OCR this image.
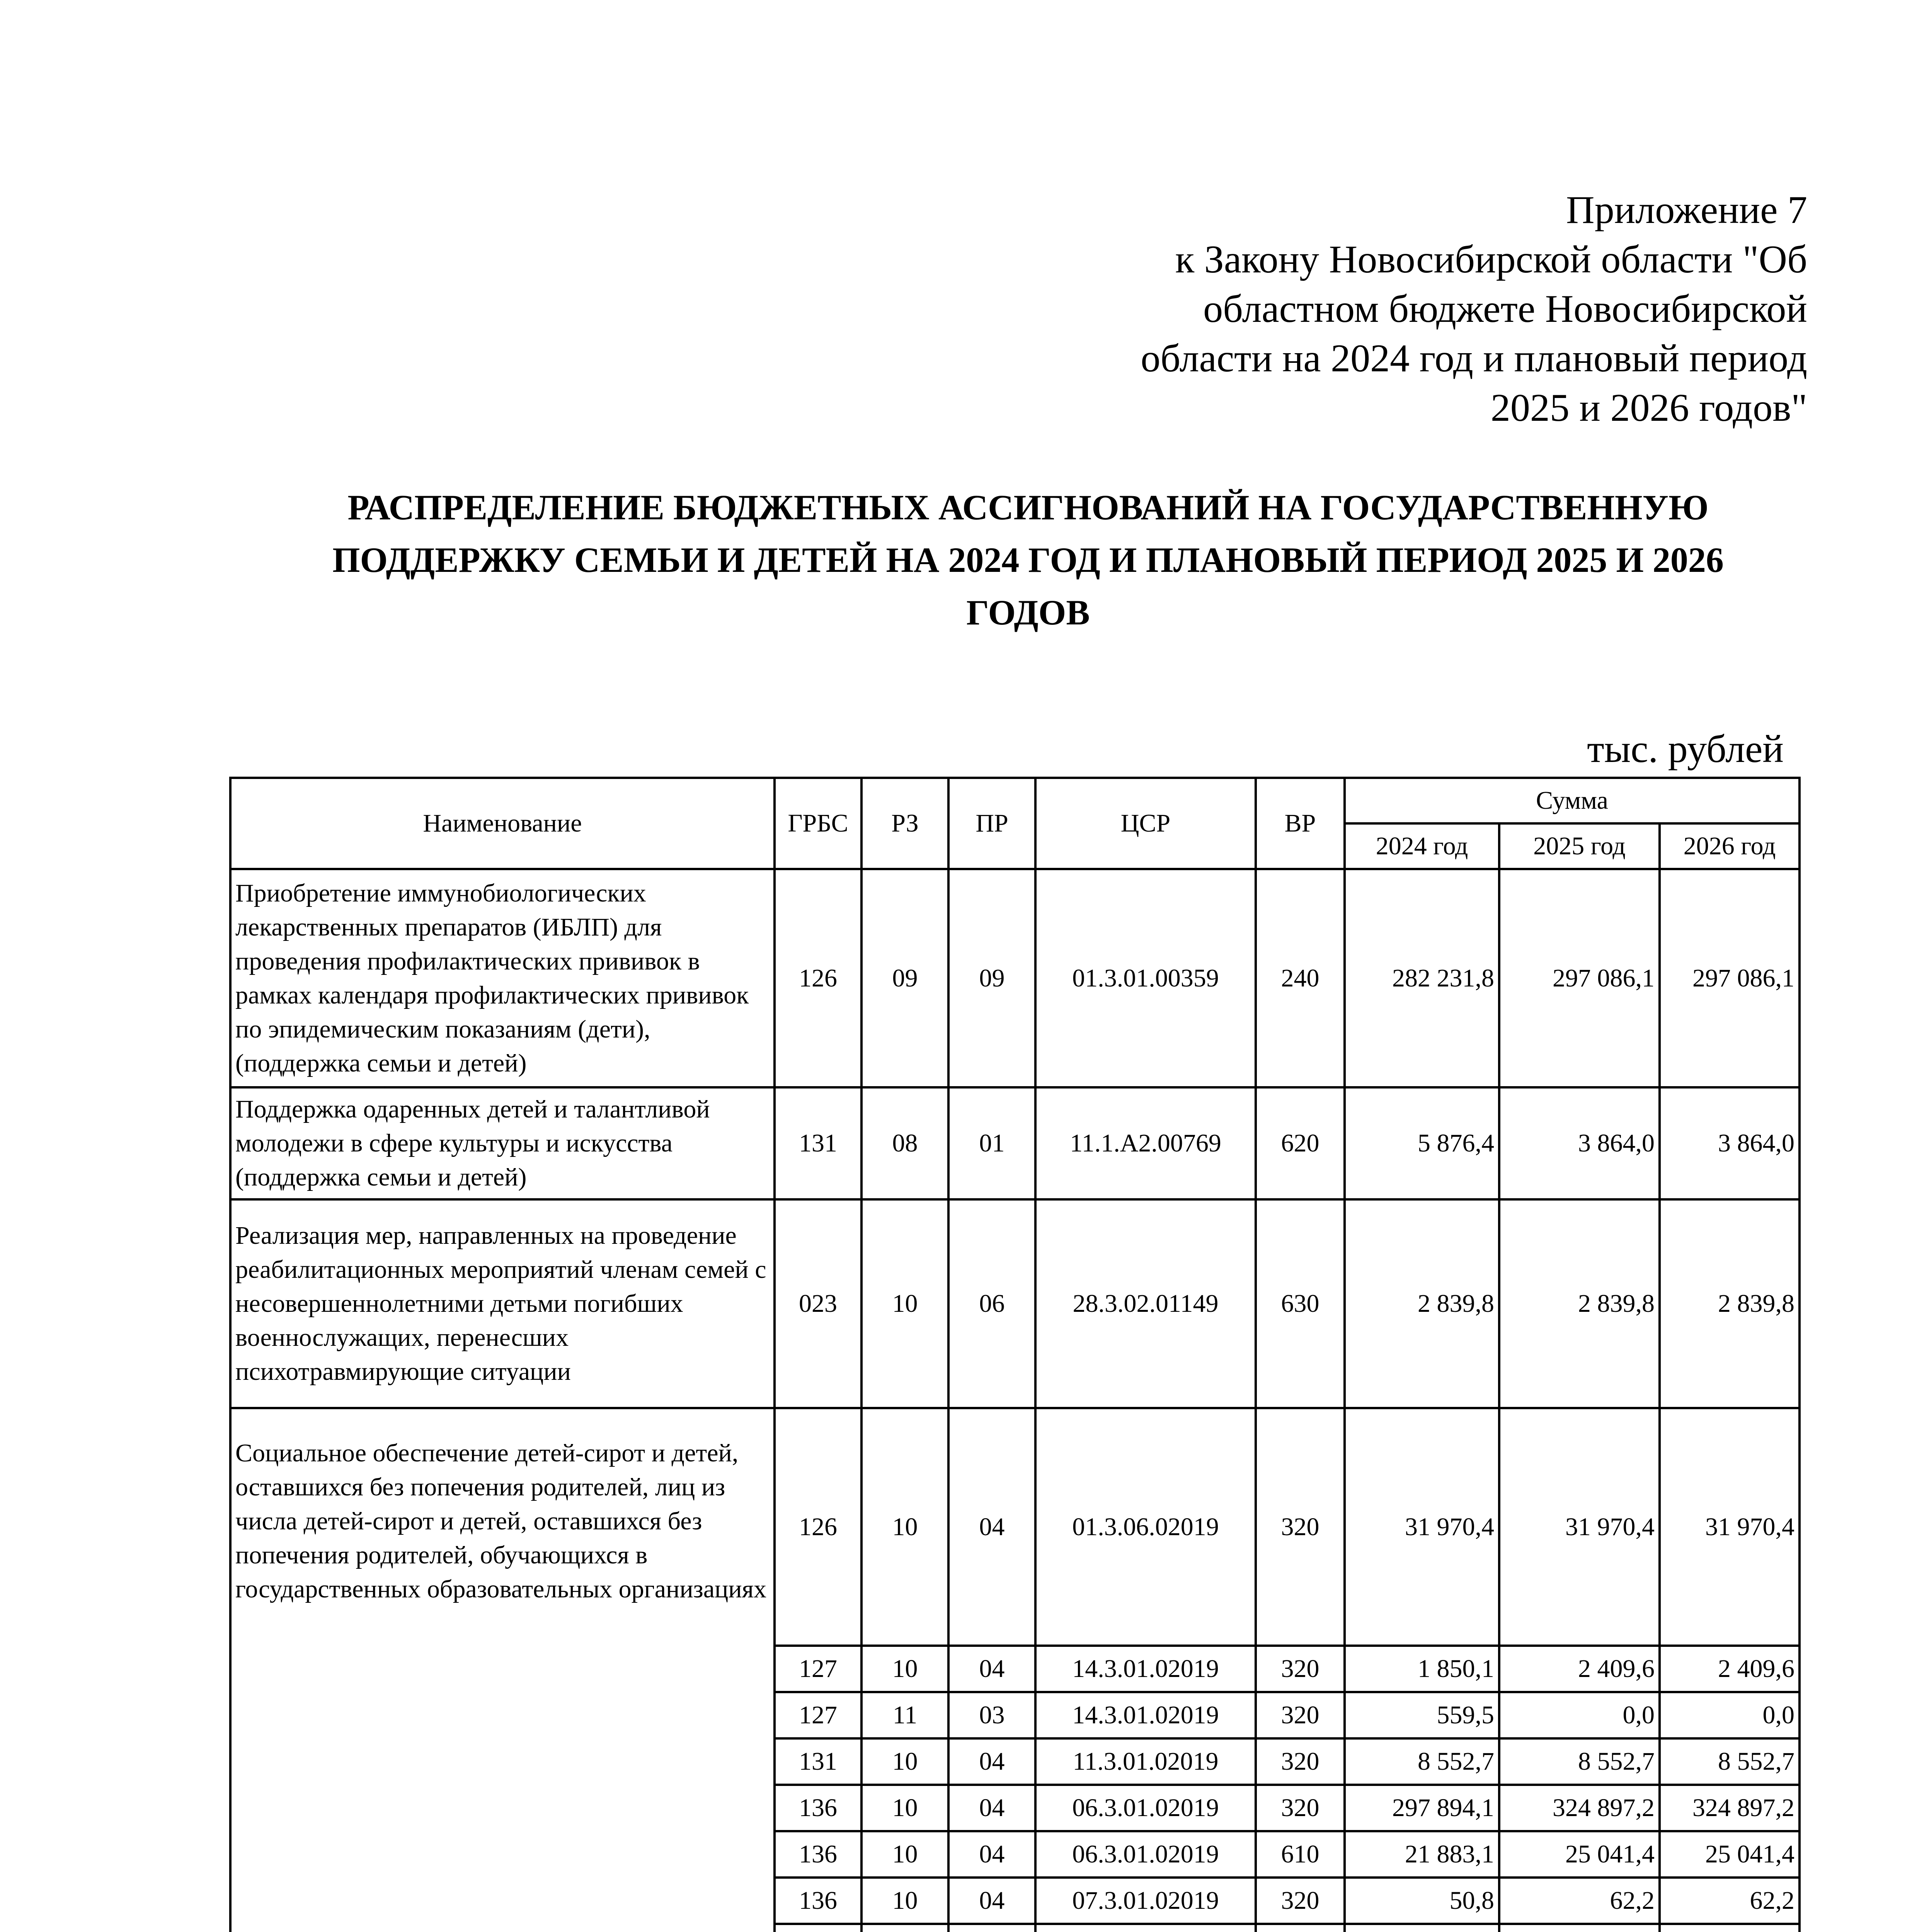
Приложение 7
к Закону Новосибирской области "Об
областном бюджете Новосибирской
области на 2024 год и плановый период
2025 и 2026 годов"
РАСПРЕДЕЛЕНИЕ БЮДЖЕТНЫХ АССИГНОВАНИЙ НА ГОСУДАРСТВЕННУЮ
ПОДДЕРЖКУ СЕМЬИ И ДЕТЕЙ НА 2024 ГОД И ПЛАНОВЫЙ ПЕРИОД 2025 И 2026
ГОДОВ
тыс. рублей
Наименование	ГРБС	РЗ	ПР	ЦСР	ВР	Сумма		
						2024 год	2025 год	2026 год
Приобретение иммунобиологических лекарственных препаратов (ИБЛП) для проведения профилактических прививок в рамках календаря профилактических прививок по эпидемическим показаниям (дети), (поддержка семьи и детей)	126	09	09	01.3.01.00359	240	282 231,8	297 086,1	297 086,1
Поддержка одаренных детей и талантливой молодежи в сфере культуры и искусства (поддержка семьи и детей)	131	08	01	11.1.А2.00769	620	5 876,4	3 864,0	3 864,0
Реализация мер, направленных на проведение реабилитационных мероприятий членам семей с несовершеннолетними детьми погибших военнослужащих, перенесших психотравмирующие ситуации	023	10	06	28.3.02.01149	630	2 839,8	2 839,8	2 839,8
Социальное обеспечение детей-сирот и детей, оставшихся без попечения родителей, лиц из числа детей-сирот и детей, оставшихся без попечения родителей, обучающихся в государственных образовательных организациях	126	10	04	01.3.06.02019	320	31 970,4	31 970,4	31 970,4
	127	10	04	14.3.01.02019	320	1 850,1	2 409,6	2 409,6
	127	11	03	14.3.01.02019	320	559,5	0,0	0,0
	131	10	04	11.3.01.02019	320	8 552,7	8 552,7	8 552,7
	136	10	04	06.3.01.02019	320	297 894,1	324 897,2	324 897,2
	136	10	04	06.3.01.02019	610	21 883,1	25 041,4	25 041,4
	136	10	04	07.3.01.02019	320	50,8	62,2	62,2
